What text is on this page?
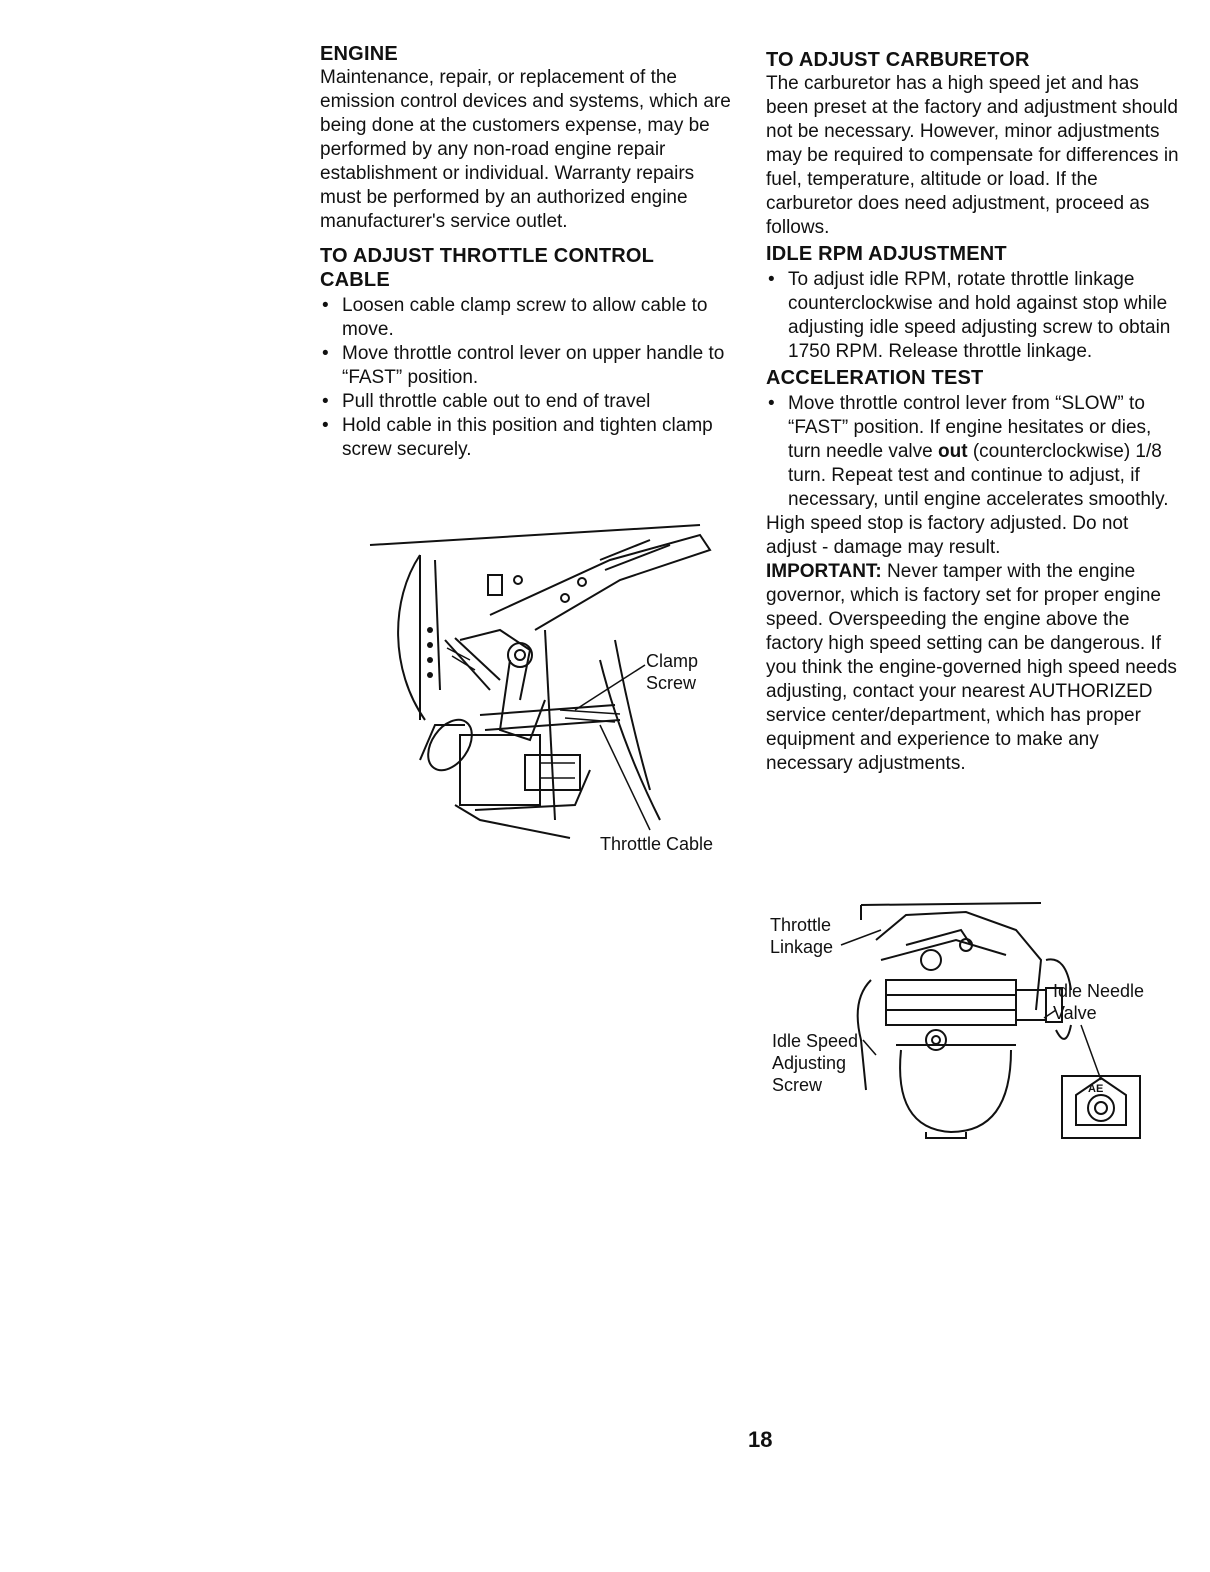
ENGINE

Maintenance, repair, or replacement of the emission control devices and systems, which are being done at the customers expense, may be performed by any non-road engine repair establishment or individual. Warranty repairs must be performed by an authorized engine manufacturer's service outlet.

TO ADJUST THROTTLE CONTROL CABLE
• Loosen cable clamp screw to allow cable to move.
• Move throttle control lever on upper handle to “FAST” position.
• Pull throttle cable out to end of travel
• Hold cable in this position and tighten clamp screw securely.
Clamp
Screw
Throttle Cable
TO ADJUST CARBURETOR

The carburetor has a high speed jet and has been preset at the factory and adjustment should not be necessary. However, minor adjustments may be required to compensate for differences in fuel, temperature, altitude or load. If the carburetor does need adjustment, proceed as follows.

IDLE RPM ADJUSTMENT
• To adjust idle RPM, rotate throttle linkage counterclockwise and hold against stop while adjusting idle speed adjusting screw to obtain 1750 RPM. Release throttle linkage.
ACCELERATION TEST
• Move throttle control lever from “SLOW” to “FAST” position. If engine hesitates or dies, turn needle valve out (counterclockwise) 1/8 turn. Repeat test and continue to adjust, if necessary, until engine accelerates smoothly.

High speed stop is factory adjusted. Do not adjust - damage may result.

IMPORTANT: Never tamper with the engine governor, which is factory set for proper engine speed. Overspeeding the engine above the factory high speed setting can be dangerous. If you think the engine-governed high speed needs adjusting, contact your nearest AUTHORIZED service center/department, which has proper equipment and experience to make any necessary adjustments.

Throttle
Linkage
Idle Needle
Valve
Idle Speed
Adjusting
Screw	AE
18
